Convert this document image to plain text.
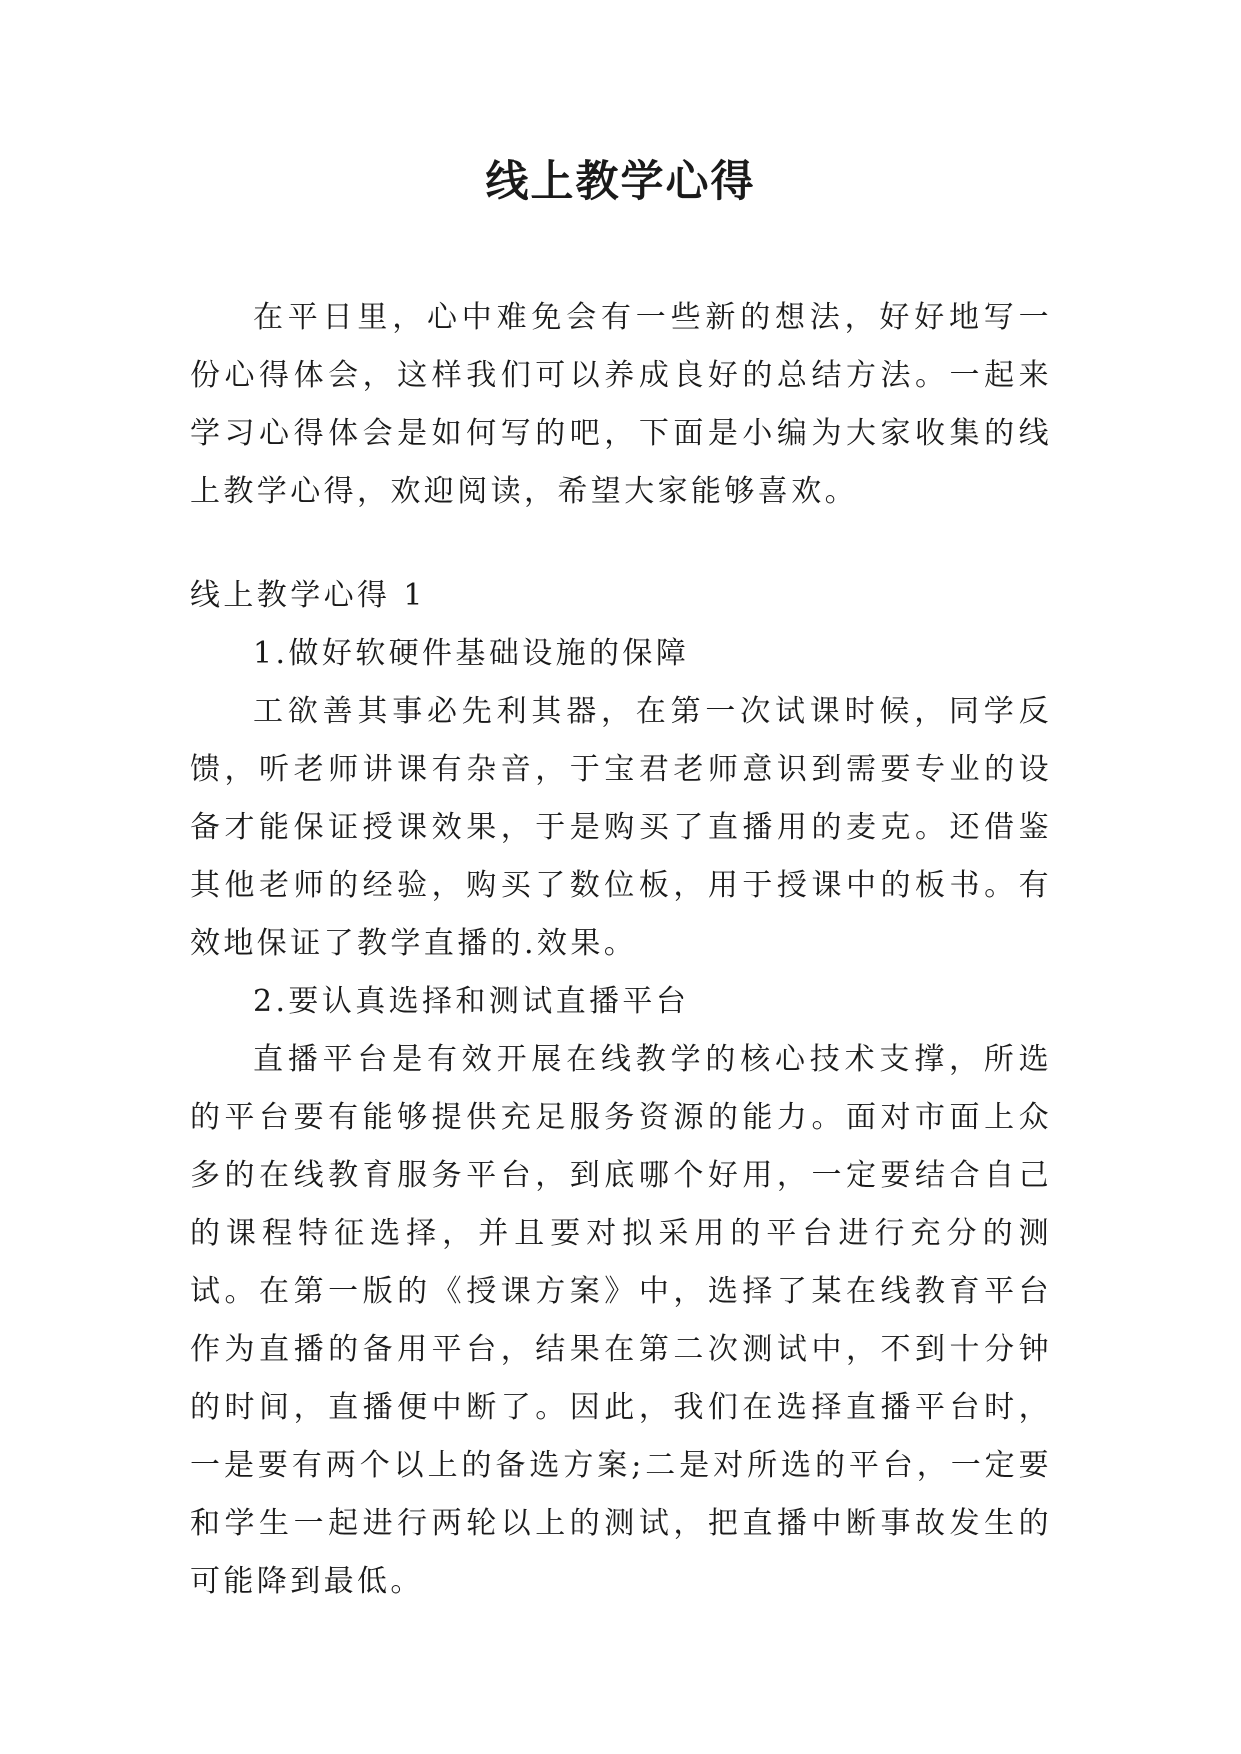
线上教学心得

在平日里，心中难免会有一些新的想法，好好地写一份心得体会，这样我们可以养成良好的总结方法。一起来学习心得体会是如何写的吧，下面是小编为大家收集的线上教学心得，欢迎阅读，希望大家能够喜欢。

线上教学心得 1

1.做好软硬件基础设施的保障

工欲善其事必先利其器，在第一次试课时候，同学反馈，听老师讲课有杂音，于宝君老师意识到需要专业的设备才能保证授课效果，于是购买了直播用的麦克。还借鉴其他老师的经验，购买了数位板，用于授课中的板书。有效地保证了教学直播的.效果。

2.要认真选择和测试直播平台

直播平台是有效开展在线教学的核心技术支撑，所选的平台要有能够提供充足服务资源的能力。面对市面上众多的在线教育服务平台，到底哪个好用，一定要结合自己的课程特征选择，并且要对拟采用的平台进行充分的测试。在第一版的《授课方案》中，选择了某在线教育平台作为直播的备用平台，结果在第二次测试中，不到十分钟的时间，直播便中断了。因此，我们在选择直播平台时，一是要有两个以上的备选方案;二是对所选的平台，一定要和学生一起进行两轮以上的测试，把直播中断事故发生的可能降到最低。
